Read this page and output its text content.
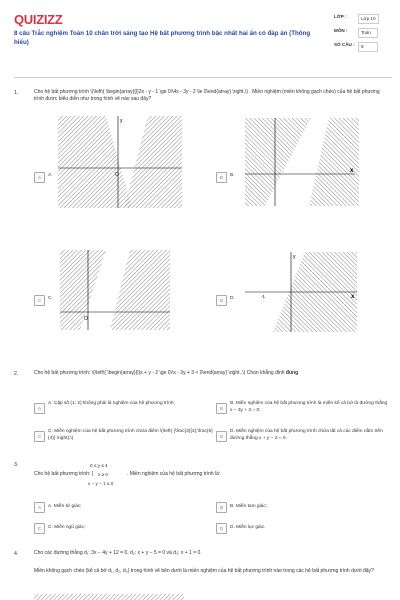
QUIZIZZ
8 câu Trắc nghiệm Toán 10 chân trời sáng tạo Hệ bất phương trình bậc nhất hai ẩn có đáp án (Thông hiểu)
LỚP :	Lớp 10
MÔN :	Toán
SỐ CÂU :	8
1.	Cho hệ bất phương trình \(\left\{ \begin{array}{l}2x - y - 1 \ge 0\\4x - 3y - 2 \le 0\end{array} \right.\) . Miền nghiệm (miền không gạch chéo) của hệ bất phương trình được biểu diễn như trong hình vẽ nào sau đây?
O
y
A	A.
x
B	B.
O
C	C.
y
-1	x
D	D.
2.	Cho hệ bất phương trình: \(\left\{ \begin{array}{l}x + y - 2 \ge 0\\x - 3y + 3 < 0\end{array} \right..\) Chọn khẳng định đúng
A
A. Cặp số (1; 2) không phải là nghiệm của hệ phương trình;
B
B. Miền nghiệm của hệ bất phương trình là miền kể cả bờ là đường thẳng x − 3y + 3 = 0;
C
C. Miền nghiệm của hệ bất phương trình chứa điểm \(\left( {\frac{3}{4};\frac{5}{4}} \right);\)	D
D. Miền nghiệm của hệ bất phương trình chứa tất cả các điểm nằm trên đường thẳng x + y − 2 = 0.
3.	0 ≤ y ≤ 4
x ≥ 0
x − y − 1 ≤ 0
Cho hệ bất phương trình: {	. Miền nghiệm của hệ bất phương trình là:
A	A. Miền tứ giác;	B	B. Miền tam giác;
C	C. Miền ngũ giác;	D	D. Miền lục giác.
4.	Cho các đường thẳng d₁: 3x − 4y + 12 = 0, d₂: x + y − 5 = 0 và d₃: x + 1 = 0.
Miền không gạch chéo (kể cả bờ d₁, d₂, d₃) trong hình vẽ bên dưới là miền nghiệm của hệ bất phương trình nào trong các hệ bất phương trình dưới đây?
